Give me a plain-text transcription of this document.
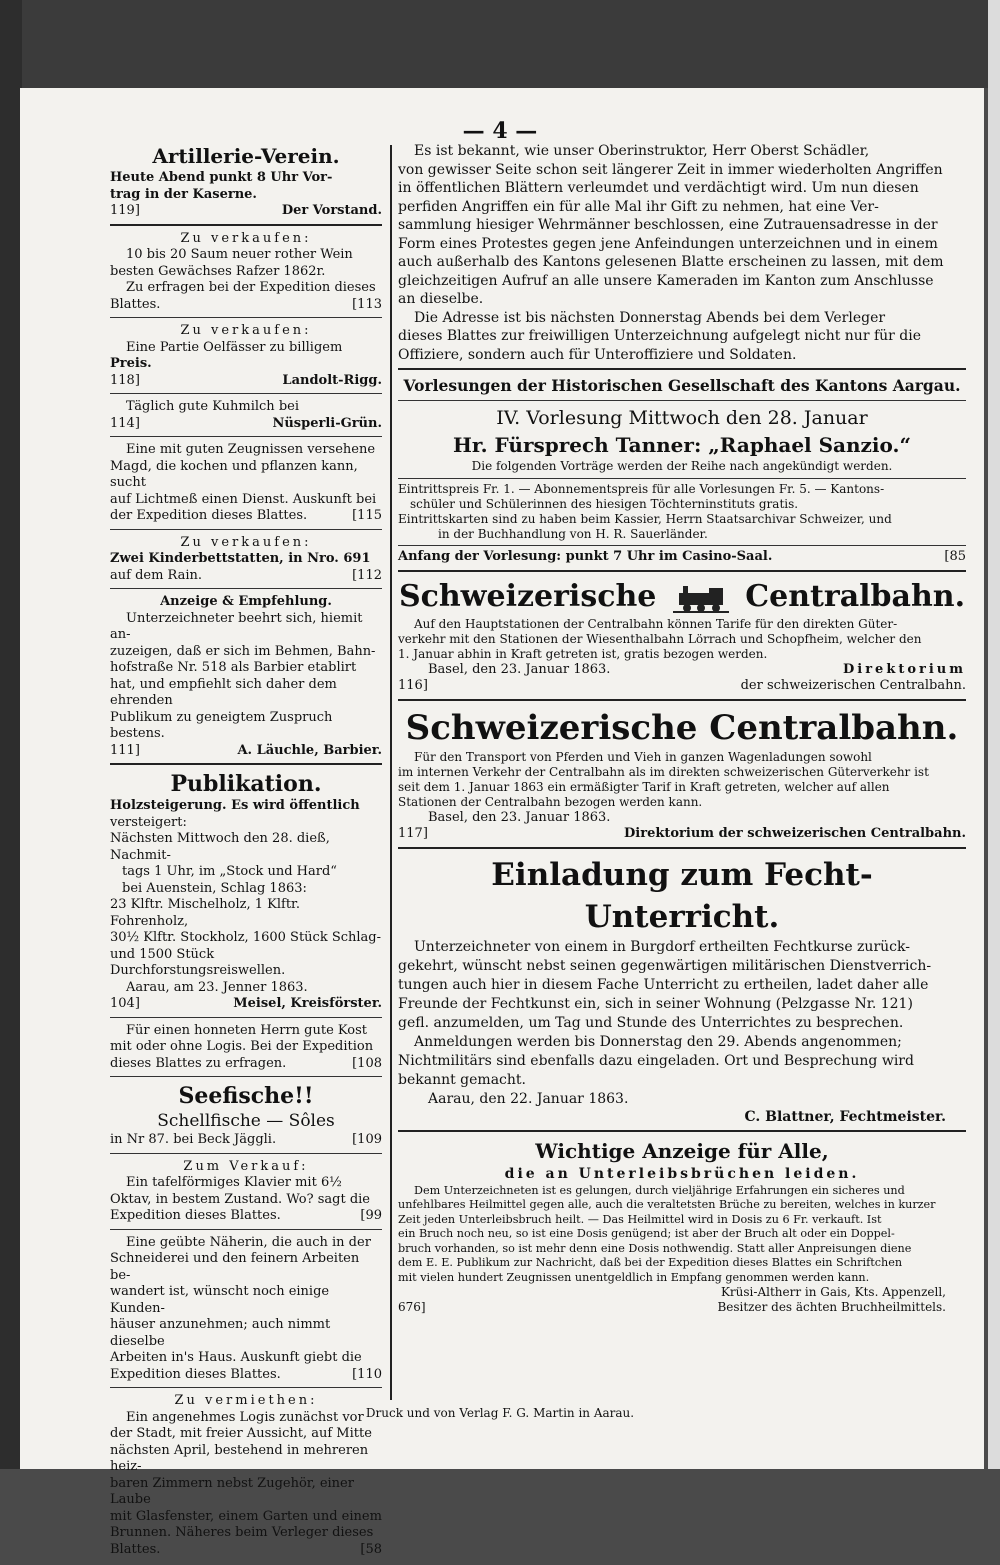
— 4 —
Artillerie-Verein.
Heute Abend punkt 8 Uhr Vor-
trag in der Kaserne.
119]	Der Vorstand.
Zu verkaufen:
10 bis 20 Saum neuer rother Wein
besten Gewächses Rafzer 1862r.
Zu erfragen bei der Expedition dieses
Blattes.	[113
Zu verkaufen:
Eine Partie Oelfässer zu billigem
Preis.
118]	Landolt-Rigg.
Täglich gute Kuhmilch bei
114]	Nüsperli-Grün.
Eine mit guten Zeugnissen versehene
Magd, die kochen und pflanzen kann, sucht
auf Lichtmeß einen Dienst. Auskunft bei
der Expedition dieses Blattes.	[115
Zu verkaufen:
Zwei Kinderbettstatten, in Nro. 691
auf dem Rain.	[112
Anzeige & Empfehlung.
Unterzeichneter beehrt sich, hiemit an-
zuzeigen, daß er sich im Behmen, Bahn-
hofstraße Nr. 518 als Barbier etablirt
hat, und empfiehlt sich daher dem ehrenden
Publikum zu geneigtem Zuspruch bestens.
111]	A. Läuchle, Barbier.
Publikation.
Holzsteigerung. Es wird öffentlich
versteigert:
Nächsten Mittwoch den 28. dieß, Nachmit-
tags 1 Uhr, im „Stock und Hard“
bei Auenstein, Schlag 1863:
23 Klftr. Mischelholz, 1 Klftr. Fohrenholz,
30½ Klftr. Stockholz, 1600 Stück Schlag-
und 1500 Stück Durchforstungsreiswellen.
Aarau, am 23. Jenner 1863.
104]	Meisel, Kreisförster.
Für einen honneten Herrn gute Kost
mit oder ohne Logis. Bei der Expedition
dieses Blattes zu erfragen.	[108
Seefische!!
Schellfische — Sôles
in Nr 87. bei Beck Jäggli.	[109
Zum Verkauf:
Ein tafelförmiges Klavier mit 6½
Oktav, in bestem Zustand. Wo? sagt die
Expedition dieses Blattes.	[99
Eine geübte Näherin, die auch in der
Schneiderei und den feinern Arbeiten be-
wandert ist, wünscht noch einige Kunden-
häuser anzunehmen; auch nimmt dieselbe
Arbeiten in's Haus. Auskunft giebt die
Expedition dieses Blattes.	[110
Zu vermiethen:
Ein angenehmes Logis zunächst vor
der Stadt, mit freier Aussicht, auf Mitte
nächsten April, bestehend in mehreren heiz-
baren Zimmern nebst Zugehör, einer Laube
mit Glasfenster, einem Garten und einem
Brunnen. Näheres beim Verleger dieses
Blattes.	[58
Es ist bekannt, wie unser Oberinstruktor, Herr Oberst Schädler,
von gewisser Seite schon seit längerer Zeit in immer wiederholten Angriffen
in öffentlichen Blättern verleumdet und verdächtigt wird. Um nun diesen
perfiden Angriffen ein für alle Mal ihr Gift zu nehmen, hat eine Ver-
sammlung hiesiger Wehrmänner beschlossen, eine Zutrauensadresse in der
Form eines Protestes gegen jene Anfeindungen unterzeichnen und in einem
auch außerhalb des Kantons gelesenen Blatte erscheinen zu lassen, mit dem
gleichzeitigen Aufruf an alle unsere Kameraden im Kanton zum Anschlusse
an dieselbe.
Die Adresse ist bis nächsten Donnerstag Abends bei dem Verleger
dieses Blattes zur freiwilligen Unterzeichnung aufgelegt nicht nur für die
Offiziere, sondern auch für Unteroffiziere und Soldaten.
Vorlesungen der Historischen Gesellschaft des Kantons Aargau.
IV. Vorlesung Mittwoch den 28. Januar
Hr. Fürsprech Tanner: „Raphael Sanzio.“
Die folgenden Vorträge werden der Reihe nach angekündigt werden.
Eintrittspreis Fr. 1. — Abonnementspreis für alle Vorlesungen Fr. 5. — Kantons-
schüler und Schülerinnen des hiesigen Töchterninstituts gratis.
Eintrittskarten sind zu haben beim Kassier, Herrn Staatsarchivar Schweizer, und
in der Buchhandlung von H. R. Sauerländer.
Anfang der Vorlesung: punkt 7 Uhr im Casino-Saal.	[85
Schweizerische	Centralbahn.
Auf den Hauptstationen der Centralbahn können Tarife für den direkten Güter-
verkehr mit den Stationen der Wiesenthalbahn Lörrach und Schopfheim, welcher den
1. Januar abhin in Kraft getreten ist, gratis bezogen werden.
Basel, den 23. Januar 1863.	Direktorium
116]	der schweizerischen Centralbahn.
Schweizerische Centralbahn.
Für den Transport von Pferden und Vieh in ganzen Wagenladungen sowohl
im internen Verkehr der Centralbahn als im direkten schweizerischen Güterverkehr ist
seit dem 1. Januar 1863 ein ermäßigter Tarif in Kraft getreten, welcher auf allen
Stationen der Centralbahn bezogen werden kann.
Basel, den 23. Januar 1863.
117]	Direktorium der schweizerischen Centralbahn.
Einladung zum Fecht-Unterricht.
Unterzeichneter von einem in Burgdorf ertheilten Fechtkurse zurück-
gekehrt, wünscht nebst seinen gegenwärtigen militärischen Dienstverrich-
tungen auch hier in diesem Fache Unterricht zu ertheilen, ladet daher alle
Freunde der Fechtkunst ein, sich in seiner Wohnung (Pelzgasse Nr. 121)
gefl. anzumelden, um Tag und Stunde des Unterrichtes zu besprechen.
Anmeldungen werden bis Donnerstag den 29. Abends angenommen;
Nichtmilitärs sind ebenfalls dazu eingeladen. Ort und Besprechung wird
bekannt gemacht.
Aarau, den 22. Januar 1863.
C. Blattner, Fechtmeister.
Wichtige Anzeige für Alle,
die an Unterleibsbrüchen leiden.
Dem Unterzeichneten ist es gelungen, durch vieljährige Erfahrungen ein sicheres und
unfehlbares Heilmittel gegen alle, auch die veraltetsten Brüche zu bereiten, welches in kurzer
Zeit jeden Unterleibsbruch heilt. — Das Heilmittel wird in Dosis zu 6 Fr. verkauft. Ist
ein Bruch noch neu, so ist eine Dosis genügend; ist aber der Bruch alt oder ein Doppel-
bruch vorhanden, so ist mehr denn eine Dosis nothwendig. Statt aller Anpreisungen diene
dem E. E. Publikum zur Nachricht, daß bei der Expedition dieses Blattes ein Schriftchen
mit vielen hundert Zeugnissen unentgeldlich in Empfang genommen werden kann.
Krüsi-Altherr in Gais, Kts. Appenzell,
676]	Besitzer des ächten Bruchheilmittels.
Druck und von Verlag F. G. Martin in Aarau.
